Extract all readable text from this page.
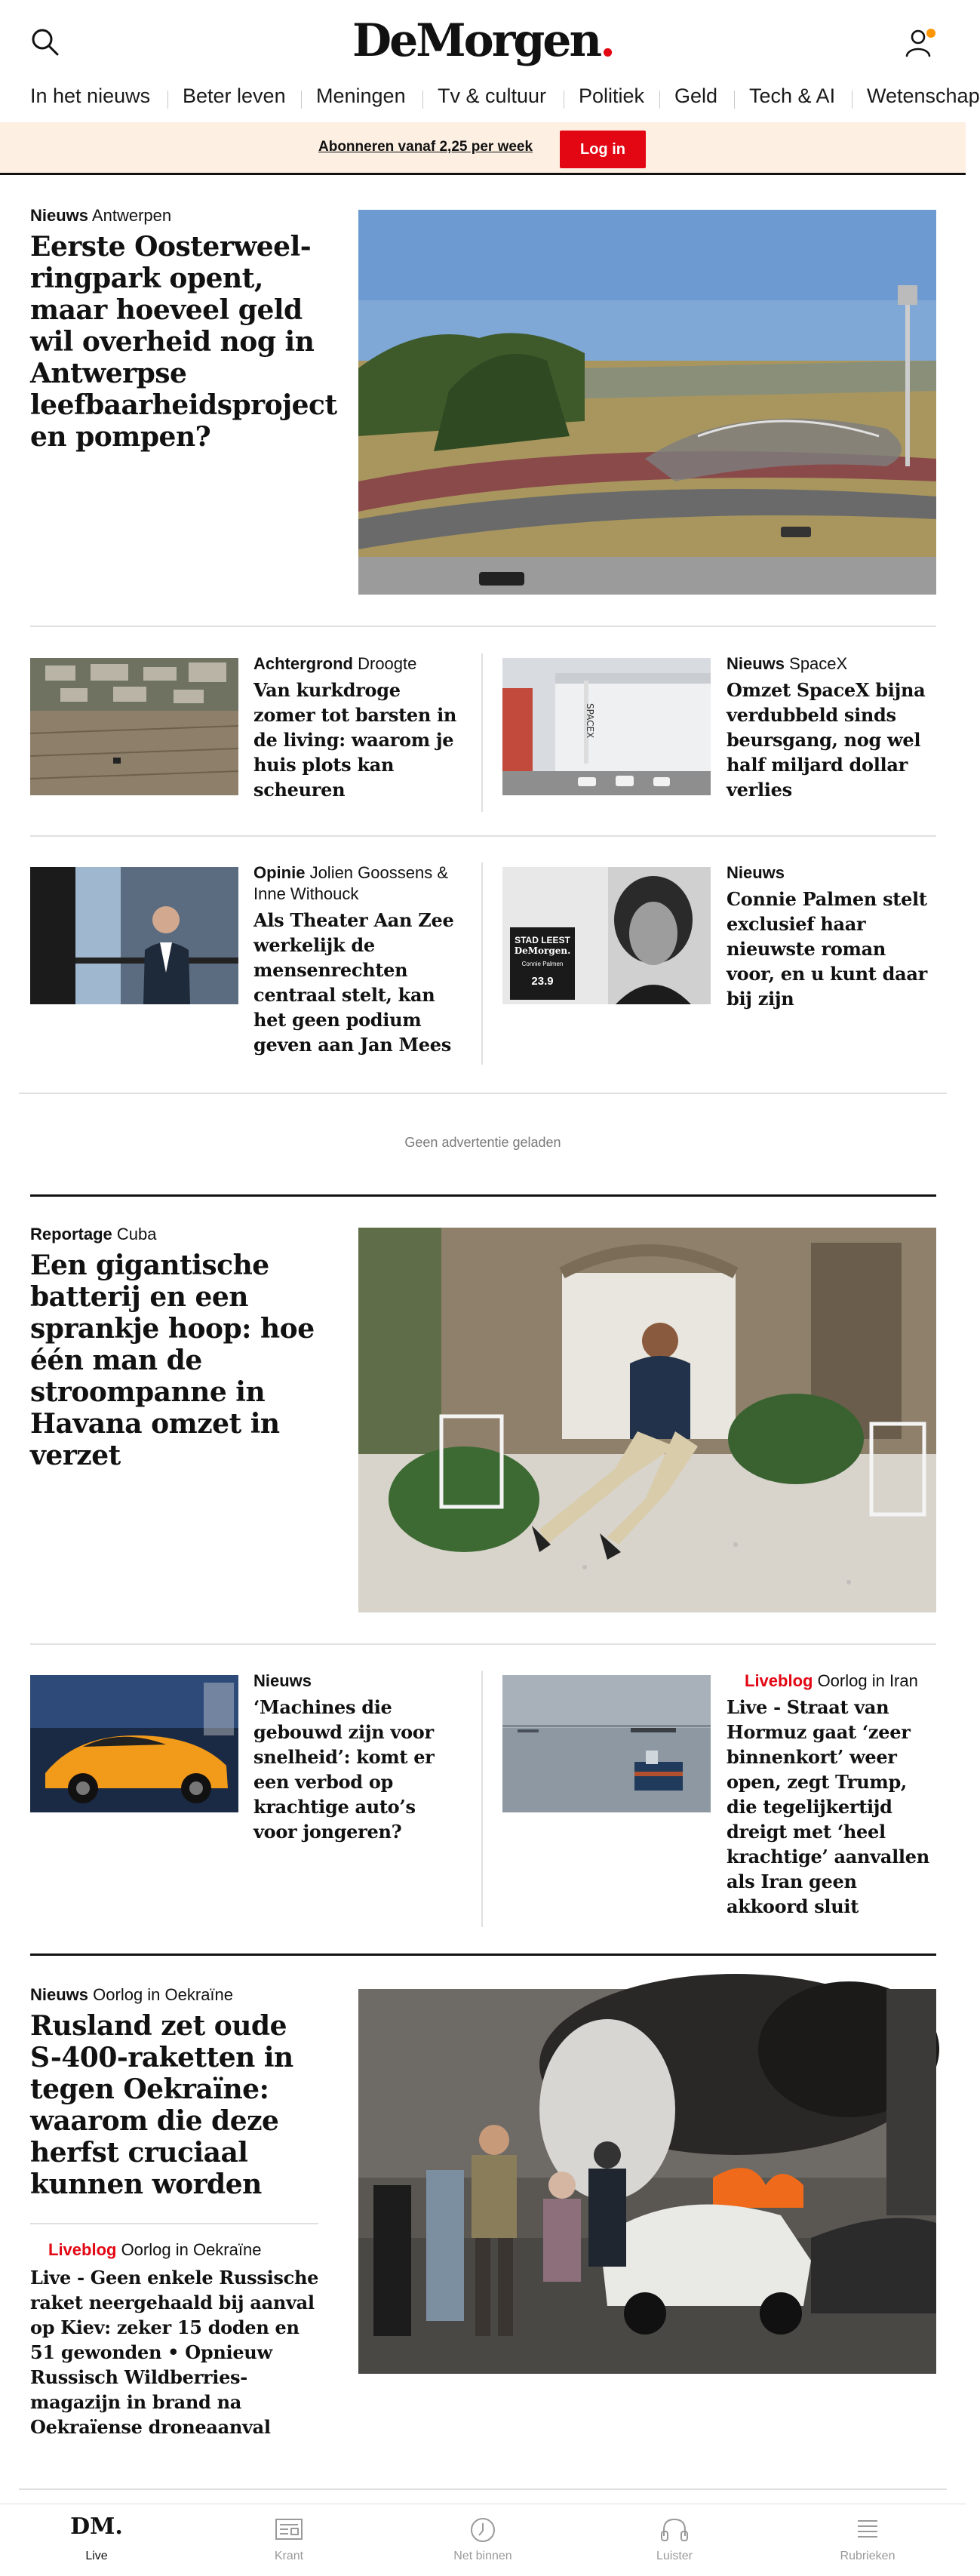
DeMorgen.
In het nieuws Beter leven Meningen Tv & cultuur Politiek Geld Tech & AI Wetenschap
Abonneren vanaf 2,25 per week	Log in
Nieuws Antwerpen
Eerste Oosterweel-ringpark opent, maar hoeveel geld wil overheid nog in Antwerpse leefbaarheidsproject en pompen?
Achtergrond Droogte
Van kurkdroge zomer tot barsten in de living: waarom je huis plots kan scheuren
SPACEX
Nieuws SpaceX
Omzet SpaceX bijna verdubbeld sinds beursgang, nog wel half miljard dollar verlies
Opinie Jolien Goossens & Inne Withouck
Als Theater Aan Zee werkelijk de mensenrechten centraal stelt, kan het geen podium geven aan Jan Mees
STAD LEEST
DeMorgen.
Connie Palmen
23.9
Nieuws
Connie Palmen stelt exclusief haar nieuwste roman voor, en u kunt daar bij zijn
Geen advertentie geladen
Reportage Cuba
Een gigantische batterij en een sprankje hoop: hoe één man de stroompanne in Havana omzet in verzet
Nieuws
‘Machines die gebouwd zijn voor snelheid’: komt er een verbod op krachtige auto’s voor jongeren?
Liveblog Oorlog in Iran
Live - Straat van Hormuz gaat ‘zeer binnenkort’ weer open, zegt Trump, die tegelijkertijd dreigt met ‘heel krachtige’ aanvallen als Iran geen akkoord sluit
Nieuws Oorlog in Oekraïne
Rusland zet oude S-400-raketten in tegen Oekraïne: waarom die deze herfst cruciaal kunnen worden
Liveblog Oorlog in Oekraïne
Live - Geen enkele Russische raket neergehaald bij aanval op Kiev: zeker 15 doden en 51 gewonden • Opnieuw Russisch Wildberries-magazijn in brand na Oekraïense droneaanval
DM.
Live	Krant	Net binnen	Luister	Rubrieken
